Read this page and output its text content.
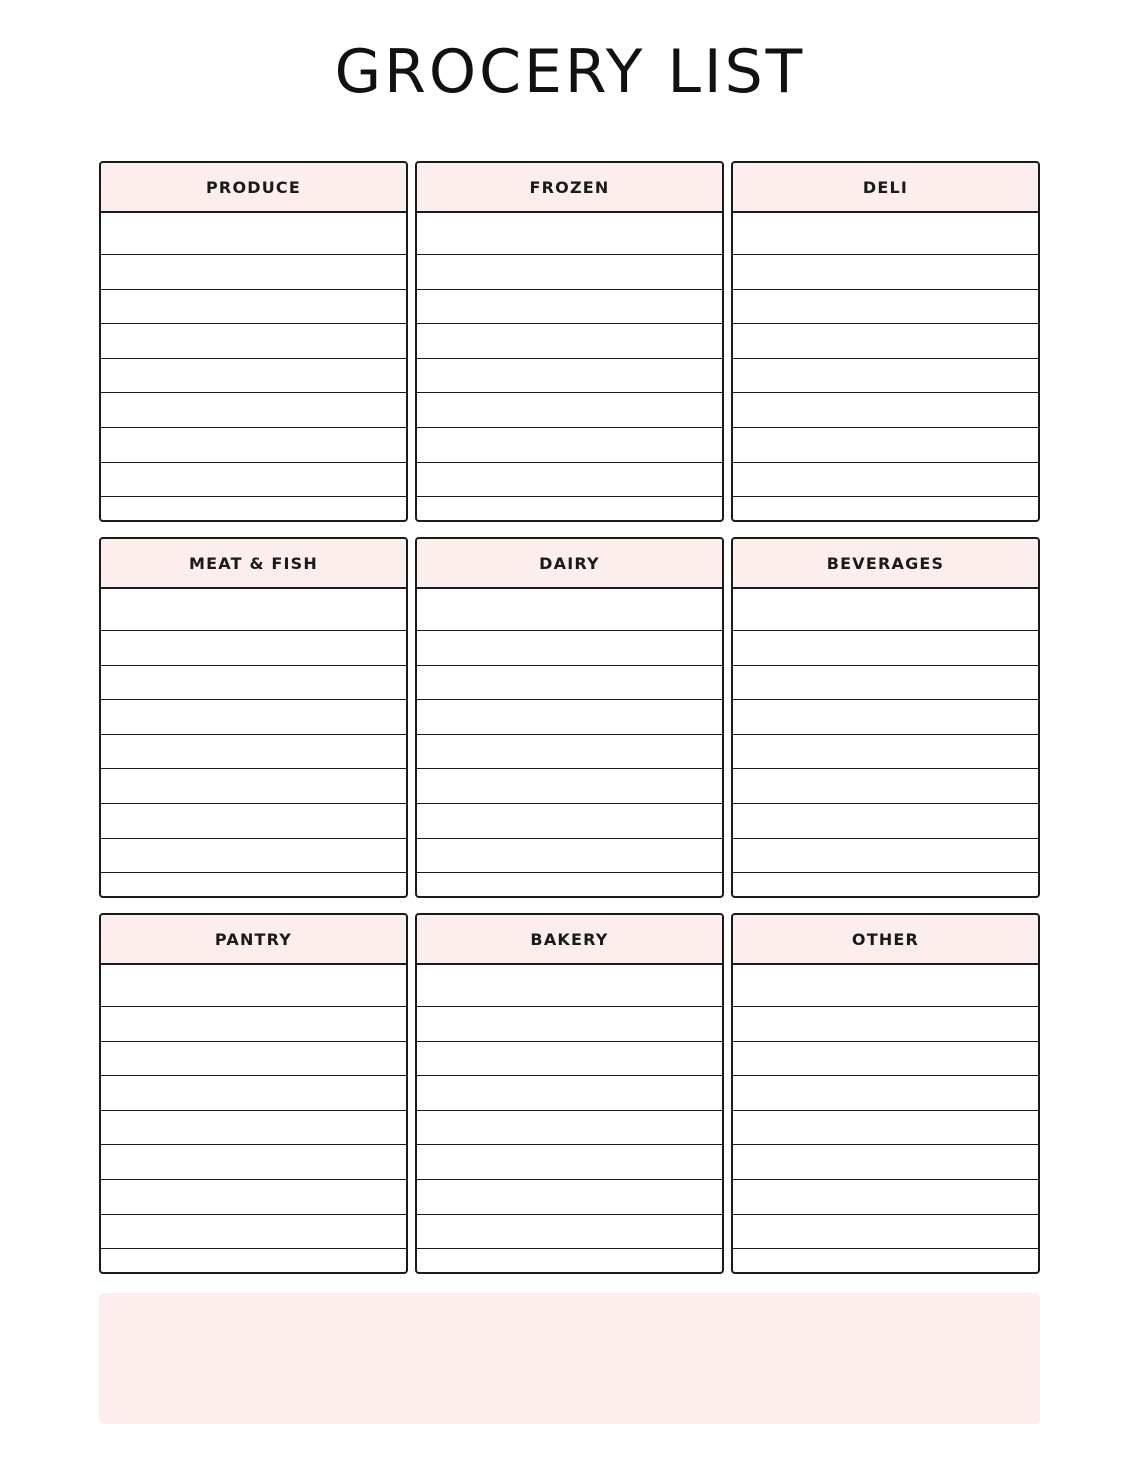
GROCERY LIST
PRODUCE	FROZEN	DELI
MEAT & FISH	DAIRY	BEVERAGES
PANTRY	BAKERY	OTHER
